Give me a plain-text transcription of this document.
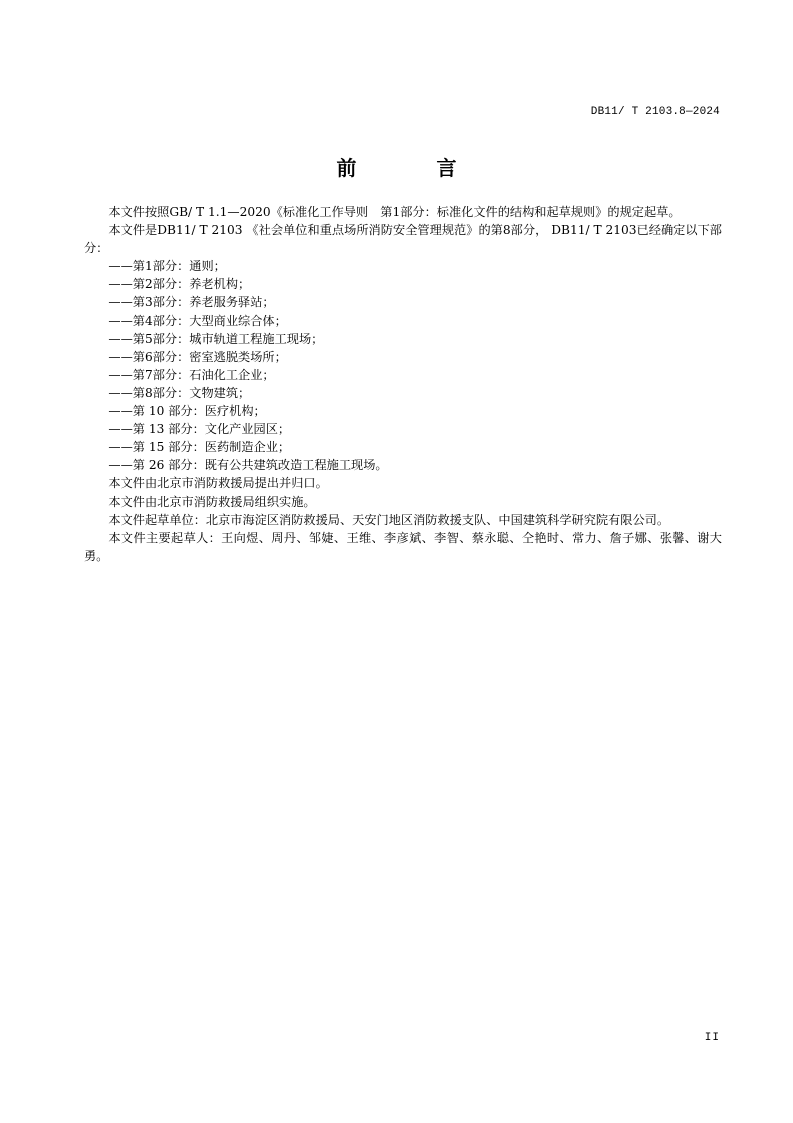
DB11/ T 2103.8—2024
前　言

本文件按照GB/ T 1.1—2020《标准化工作导则　第1部分：标准化文件的结构和起草规则》的规定起草。

本文件是DB11/ T 2103 《社会单位和重点场所消防安全管理规范》的第8部分， DB11/ T 2103已经确定以下部分：

——第1部分：通则；

——第2部分：养老机构；

——第3部分：养老服务驿站；

——第4部分：大型商业综合体；

——第5部分：城市轨道工程施工现场；

——第6部分：密室逃脱类场所；

——第7部分：石油化工企业；

——第8部分：文物建筑；

——第 10 部分：医疗机构；

——第 13 部分：文化产业园区；

——第 15 部分：医药制造企业；

——第 26 部分：既有公共建筑改造工程施工现场。

本文件由北京市消防救援局提出并归口。

本文件由北京市消防救援局组织实施。

本文件起草单位：北京市海淀区消防救援局、天安门地区消防救援支队、中国建筑科学研究院有限公司。

本文件主要起草人：王向煜、周丹、邹婕、王维、李彦斌、李智、蔡永聪、仝艳时、常力、詹子娜、张馨、谢大勇。

II
